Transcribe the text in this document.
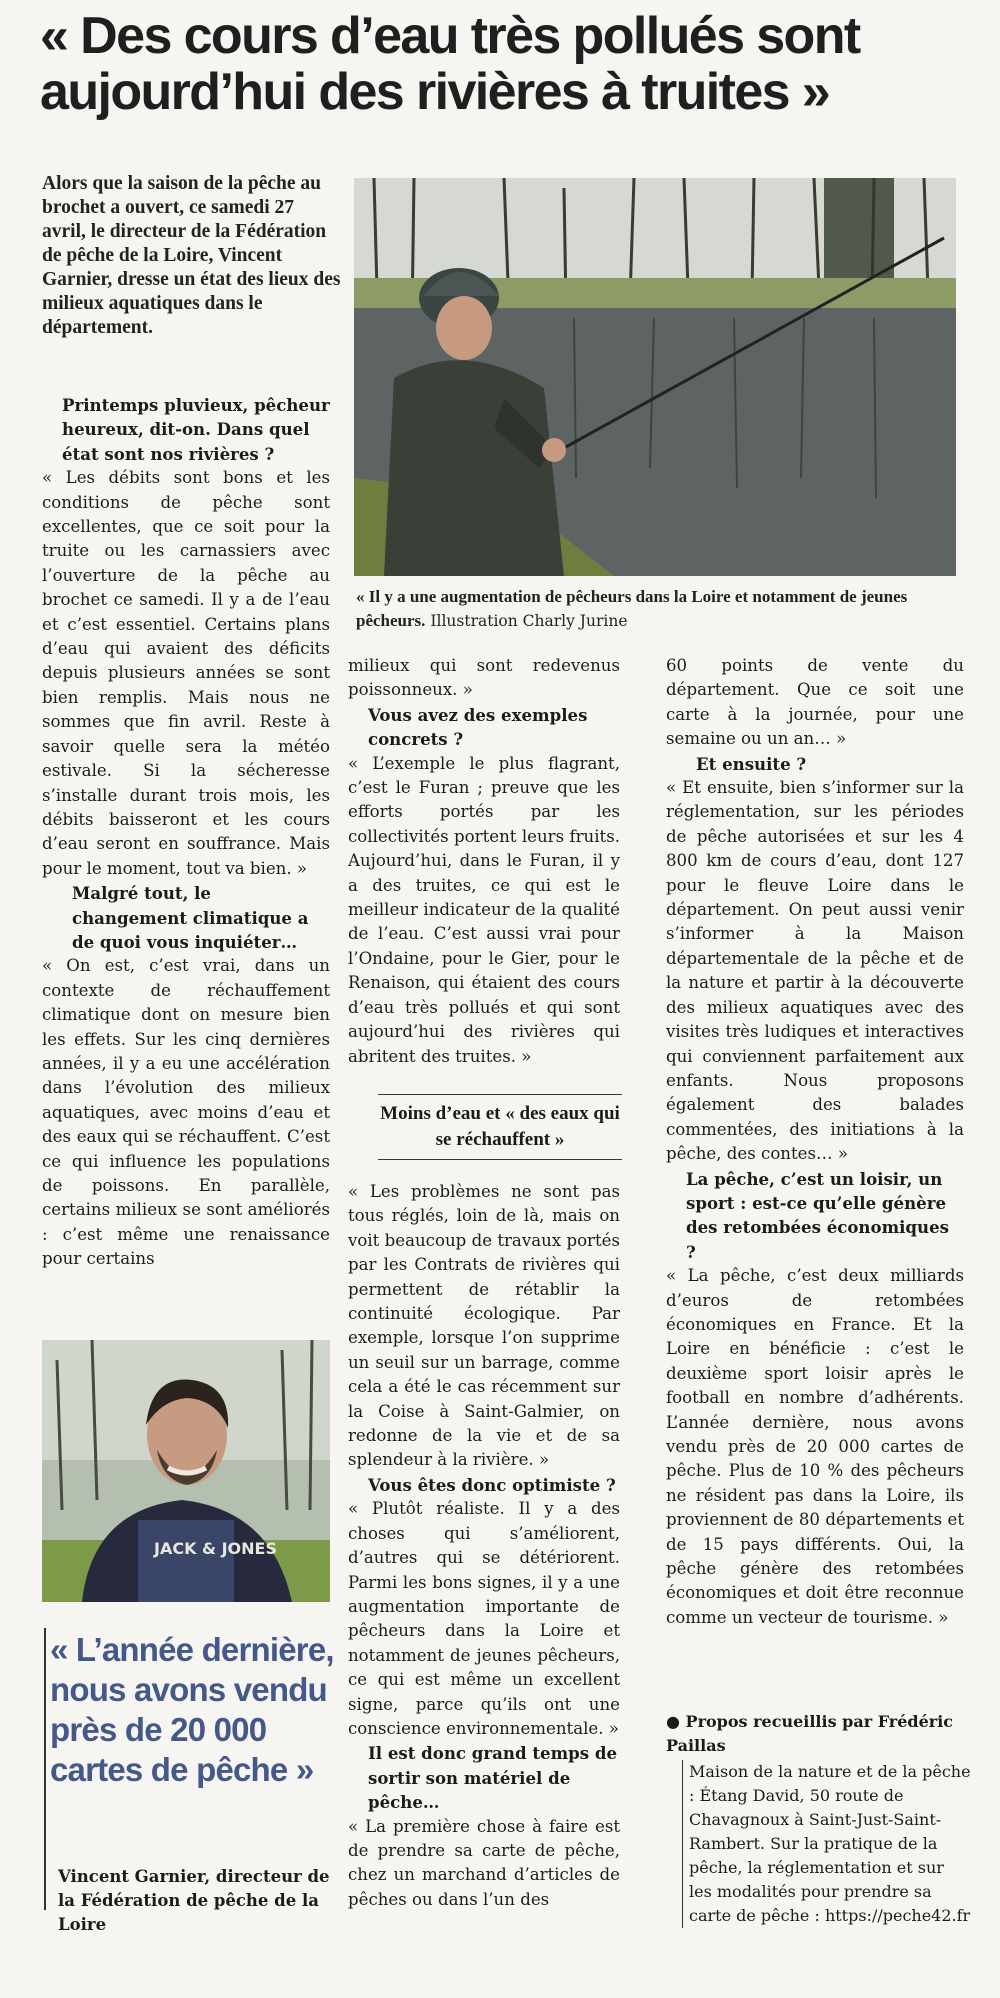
« Des cours d’eau très pollués sont aujourd’hui des rivières à truites »

Alors que la saison de la pêche au brochet a ouvert, ce samedi 27 avril, le directeur de la Fédération de pêche de la Loire, Vincent Garnier, dresse un état des lieux des milieux aquatiques dans le département.

« Il y a une augmentation de pêcheurs dans la Loire et notamment de jeunes pêcheurs. Illustration Charly Jurine

Printemps pluvieux, pêcheur heureux, dit-on. Dans quel état sont nos rivières ?

« Les débits sont bons et les conditions de pêche sont excellentes, que ce soit pour la truite ou les carnassiers avec l’ouverture de la pêche au brochet ce samedi. Il y a de l’eau et c’est essentiel. Certains plans d’eau qui avaient des déficits depuis plusieurs années se sont bien remplis. Mais nous ne sommes que fin avril. Reste à savoir quelle sera la météo estivale. Si la sécheresse s’installe durant trois mois, les débits baisseront et les cours d’eau seront en souffrance. Mais pour le moment, tout va bien. »

Malgré tout, le changement climatique a de quoi vous inquiéter…

« On est, c’est vrai, dans un contexte de réchauffement climatique dont on mesure bien les effets. Sur les cinq dernières années, il y a eu une accélération dans l’évolution des milieux aquatiques, avec moins d’eau et des eaux qui se réchauffent. C’est ce qui influence les populations de poissons. En parallèle, certains milieux se sont améliorés : c’est même une renaissance pour certains

JACK & JONES

« L’année dernière, nous avons vendu près de 20 000 cartes de pêche »

Vincent Garnier, directeur de la Fédération de pêche de la Loire

milieux qui sont redevenus poissonneux. »

Vous avez des exemples concrets ?

« L’exemple le plus flagrant, c’est le Furan ; preuve que les efforts portés par les collectivités portent leurs fruits. Aujourd’hui, dans le Furan, il y a des truites, ce qui est le meilleur indicateur de la qualité de l’eau. C’est aussi vrai pour l’Ondaine, pour le Gier, pour le Renaison, qui étaient des cours d’eau très pollués et qui sont aujourd’hui des rivières qui abritent des truites. »

Moins d’eau et « des eaux qui se réchauffent »

« Les problèmes ne sont pas tous réglés, loin de là, mais on voit beaucoup de travaux portés par les Contrats de rivières qui permettent de rétablir la continuité écologique. Par exemple, lorsque l’on supprime un seuil sur un barrage, comme cela a été le cas récemment sur la Coise à Saint-Galmier, on redonne de la vie et de sa splendeur à la rivière. »

Vous êtes donc optimiste ?

« Plutôt réaliste. Il y a des choses qui s’améliorent, d’autres qui se détériorent. Parmi les bons signes, il y a une augmentation importante de pêcheurs dans la Loire et notamment de jeunes pêcheurs, ce qui est même un excellent signe, parce qu’ils ont une conscience environnementale. »

Il est donc grand temps de sortir son matériel de pêche…

« La première chose à faire est de prendre sa carte de pêche, chez un marchand d’articles de pêches ou dans l’un des

60 points de vente du département. Que ce soit une carte à la journée, pour une semaine ou un an… »

Et ensuite ?

« Et ensuite, bien s’informer sur la réglementation, sur les périodes de pêche autorisées et sur les 4 800 km de cours d’eau, dont 127 pour le fleuve Loire dans le département. On peut aussi venir s’informer à la Maison départementale de la pêche et de la nature et partir à la découverte des milieux aquatiques avec des visites très ludiques et interactives qui conviennent parfaitement aux enfants. Nous proposons également des balades commentées, des initiations à la pêche, des contes… »

La pêche, c’est un loisir, un sport : est-ce qu’elle génère des retombées économiques ?

« La pêche, c’est deux milliards d’euros de retombées économiques en France. Et la Loire en bénéficie : c’est le deuxième sport loisir après le football en nombre d’adhérents. L’année dernière, nous avons vendu près de 20 000 cartes de pêche. Plus de 10 % des pêcheurs ne résident pas dans la Loire, ils proviennent de 80 départements et de 15 pays différents. Oui, la pêche génère des retombées économiques et doit être reconnue comme un vecteur de tourisme. »

● Propos recueillis par Frédéric Paillas

Maison de la nature et de la pêche : Étang David, 50 route de Chavagnoux à Saint-Just-Saint-Rambert. Sur la pratique de la pêche, la réglementation et sur les modalités pour prendre sa carte de pêche : https://peche42.fr
